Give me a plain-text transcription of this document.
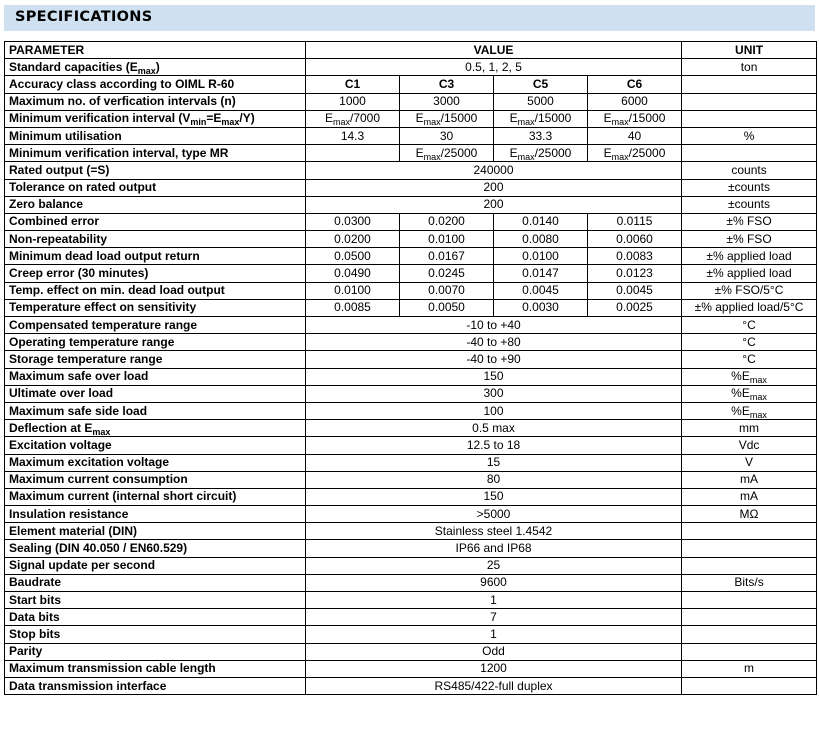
SPECIFICATIONS
PARAMETER	VALUE				UNIT
Standard capacities $(E_{max})$	0.5, 1, 2, 5				ton
Accuracy class according to OIML R-60	C1	C3	C5	C6	
Maximum no. of verfication intervals (n)	1000	3000	5000	6000	
Minimum verification interval $(V_{min}=E_{max}/Y)$	$E_{max}/7000$	$E_{max}/15000$	$E_{max}/15000$	$E_{max}/15000$	
Minimum utilisation	14.3	30	33.3	40	%
Minimum verification interval, type MR		$E_{max}/25000$	$E_{max}/25000$	$E_{max}/25000$	
Rated output (=S)	240000				counts
Tolerance on rated output	200				±counts
Zero balance	200				±counts
Combined error	0.0300	0.0200	0.0140	0.0115	±% FSO
Non-repeatability	0.0200	0.0100	0.0080	0.0060	±% FSO
Minimum dead load output return	0.0500	0.0167	0.0100	0.0083	±% applied load
Creep error (30 minutes)	0.0490	0.0245	0.0147	0.0123	±% applied load
Temp. effect on min. dead load output	0.0100	0.0070	0.0045	0.0045	±% FSO/5°C
Temperature effect on sensitivity	0.0085	0.0050	0.0030	0.0025	±% applied load/5°C
Compensated temperature range	-10 to +40				°C
Operating temperature range	-40 to +80				°C
Storage temperature range	-40 to +90				°C
Maximum safe over load	150				$\%E_{max}$
Ultimate over load	300				$\%E_{max}$
Maximum safe side load	100				$\%E_{max}$
Deflection at $E_{max}$	0.5 max				mm
Excitation voltage	12.5 to 18				Vdc
Maximum excitation voltage	15				V
Maximum current consumption	80				mA
Maximum current (internal short circuit)	150				mA
Insulation resistance	>5000				MΩ
Element material (DIN)	Stainless steel 1.4542				
Sealing (DIN 40.050 / EN60.529)	IP66 and IP68				
Signal update per second	25				
Baudrate	9600				Bits/s
Start bits	1				
Data bits	7				
Stop bits	1				
Parity	Odd				
Maximum transmission cable length	1200				m
Data transmission interface	RS485/422-full duplex				
